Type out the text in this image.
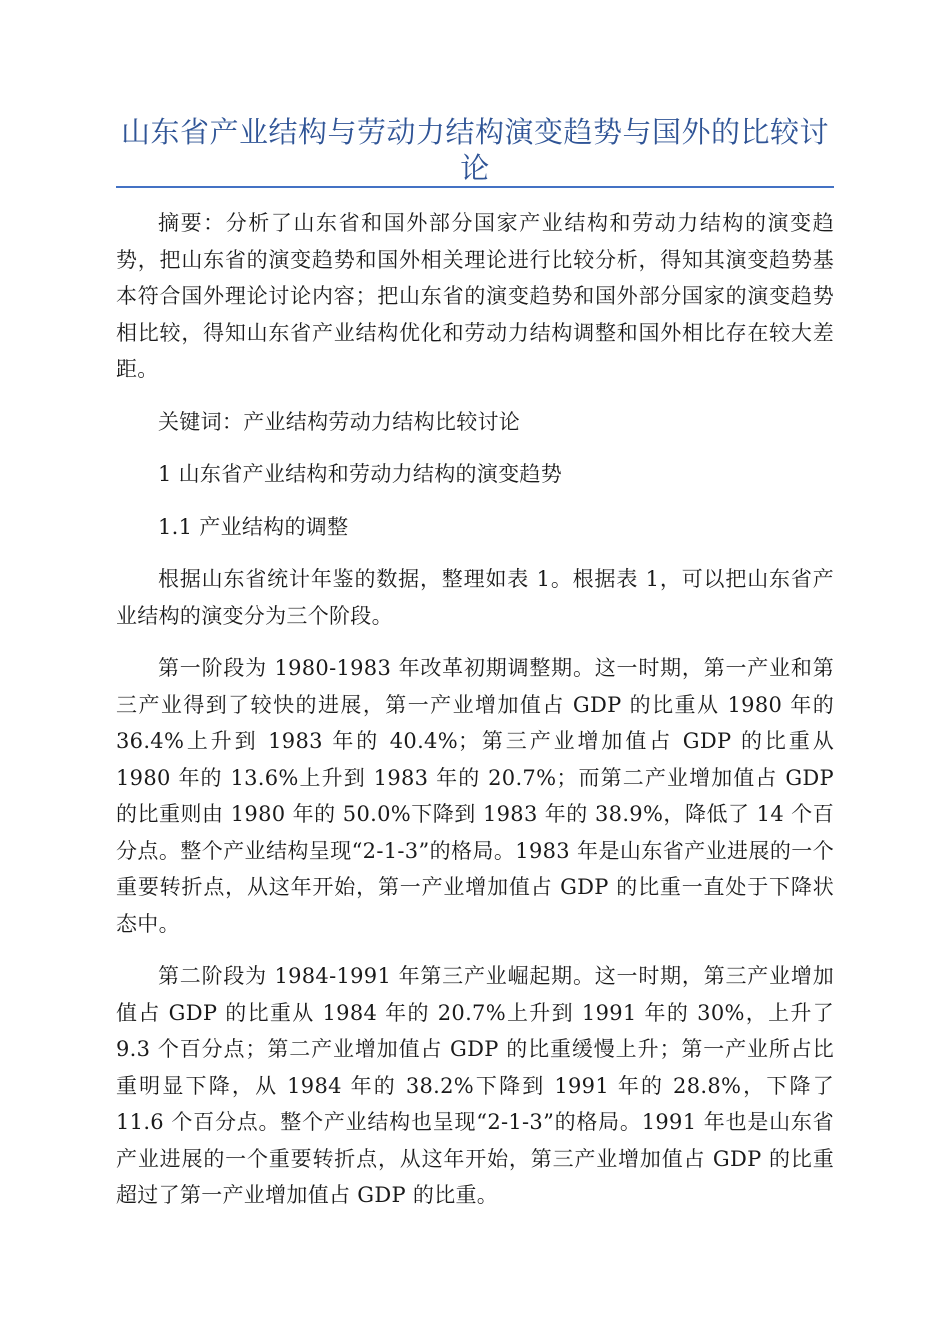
山东省产业结构与劳动力结构演变趋势与国外的比较讨论

摘要：分析了山东省和国外部分国家产业结构和劳动力结构的演变趋势，把山东省的演变趋势和国外相关理论进行比较分析，得知其演变趋势基本符合国外理论讨论内容；把山东省的演变趋势和国外部分国家的演变趋势相比较，得知山东省产业结构优化和劳动力结构调整和国外相比存在较大差距。

关键词：产业结构劳动力结构比较讨论

1 山东省产业结构和劳动力结构的演变趋势

1.1 产业结构的调整

根据山东省统计年鉴的数据，整理如表 1。根据表 1，可以把山东省产业结构的演变分为三个阶段。

第一阶段为 1980-1983 年改革初期调整期。这一时期，第一产业和第三产业得到了较快的进展，第一产业增加值占 GDP 的比重从 1980 年的 36.4%上升到 1983 年的 40.4%；第三产业增加值占 GDP 的比重从 1980 年的 13.6%上升到 1983 年的 20.7%；而第二产业增加值占 GDP 的比重则由 1980 年的 50.0%下降到 1983 年的 38.9%，降低了 14 个百分点。整个产业结构呈现“2-1-3”的格局。1983 年是山东省产业进展的一个重要转折点，从这年开始，第一产业增加值占 GDP 的比重一直处于下降状态中。

第二阶段为 1984-1991 年第三产业崛起期。这一时期，第三产业增加值占 GDP 的比重从 1984 年的 20.7%上升到 1991 年的 30%，上升了 9.3 个百分点；第二产业增加值占 GDP 的比重缓慢上升；第一产业所占比重明显下降，从 1984 年的 38.2%下降到 1991 年的 28.8%，下降了 11.6 个百分点。整个产业结构也呈现“2-1-3”的格局。1991 年也是山东省产业进展的一个重要转折点，从这年开始，第三产业增加值占 GDP 的比重超过了第一产业增加值占 GDP 的比重。
